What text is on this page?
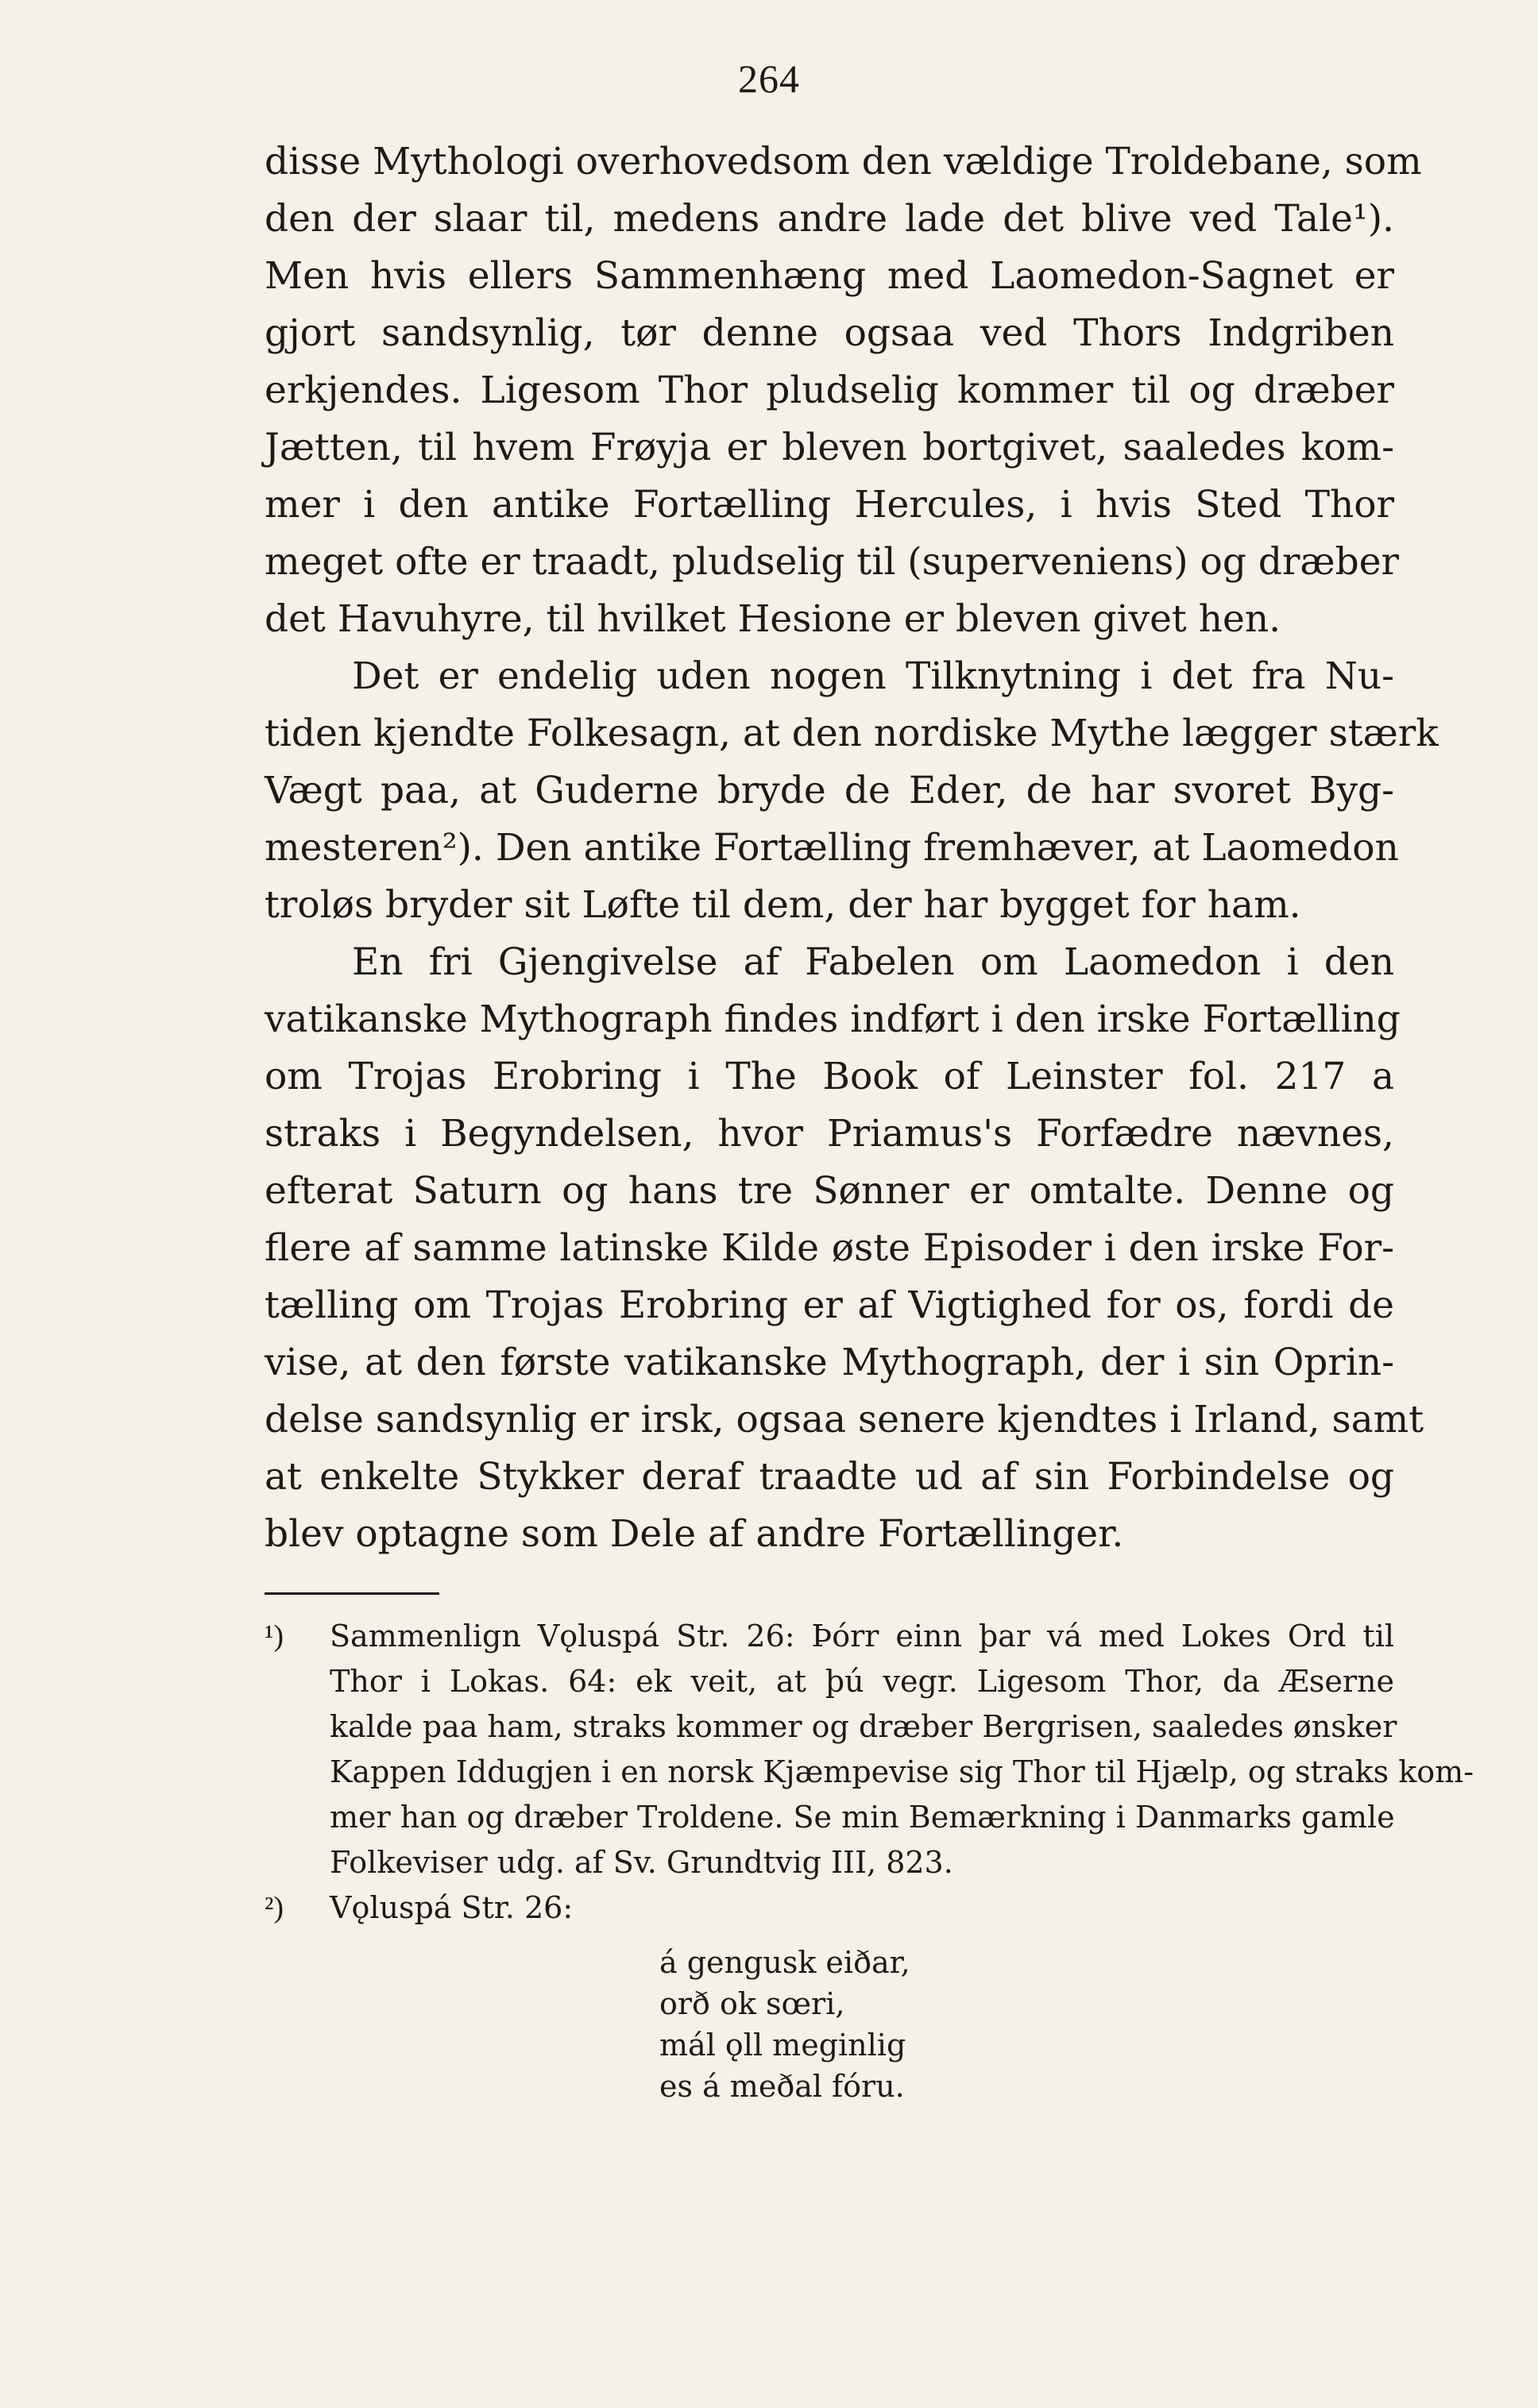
264
disse Mythologi overhovedsom den vældige Troldebane, som
den der slaar til, medens andre lade det blive ved Tale¹).
Men hvis ellers Sammenhæng med Laomedon-Sagnet er
gjort sandsynlig, tør denne ogsaa ved Thors Indgriben
erkjendes. Ligesom Thor pludselig kommer til og dræber
Jætten, til hvem Frøyja er bleven bortgivet, saaledes kom-
mer i den antike Fortælling Hercules, i hvis Sted Thor
meget ofte er traadt, pludselig til (superveniens) og dræber
det Havuhyre, til hvilket Hesione er bleven givet hen.
Det er endelig uden nogen Tilknytning i det fra Nu-
tiden kjendte Folkesagn, at den nordiske Mythe lægger stærk
Vægt paa, at Guderne bryde de Eder, de har svoret Byg-
mesteren²). Den antike Fortælling fremhæver, at Laomedon
troløs bryder sit Løfte til dem, der har bygget for ham.
En fri Gjengivelse af Fabelen om Laomedon i den
vatikanske Mythograph findes indført i den irske Fortælling
om Trojas Erobring i The Book of Leinster fol. 217 a
straks i Begyndelsen, hvor Priamus's Forfædre nævnes,
efterat Saturn og hans tre Sønner er omtalte. Denne og
flere af samme latinske Kilde øste Episoder i den irske For-
tælling om Trojas Erobring er af Vigtighed for os, fordi de
vise, at den første vatikanske Mythograph, der i sin Oprin-
delse sandsynlig er irsk, ogsaa senere kjendtes i Irland, samt
at enkelte Stykker deraf traadte ud af sin Forbindelse og
blev optagne som Dele af andre Fortællinger.
¹)	Sammenlign Vǫluspá Str. 26: Þórr einn þar vá med Lokes Ord til
Thor i Lokas. 64: ek veit, at þú vegr. Ligesom Thor, da Æserne
kalde paa ham, straks kommer og dræber Bergrisen, saaledes ønsker
Kappen Iddugjen i en norsk Kjæmpevise sig Thor til Hjælp, og straks kom-
mer han og dræber Troldene. Se min Bemærkning i Danmarks gamle
Folkeviser udg. af Sv. Grundtvig III, 823.
²)	Vǫluspá Str. 26:
á gengusk eiðar,
orð ok sœri,
mál ǫll meginlig
es á meðal fóru.
